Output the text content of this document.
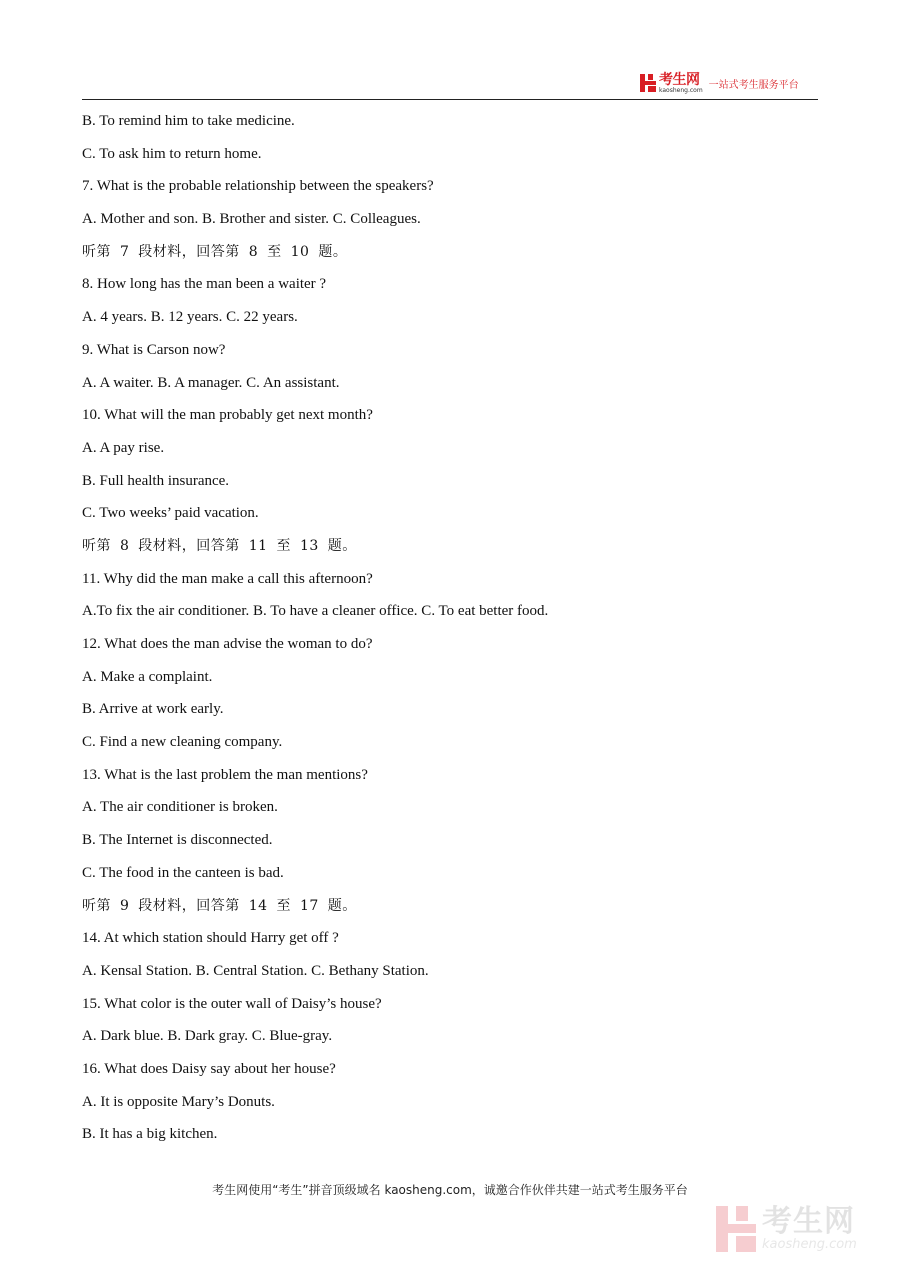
考生网
kaosheng.com 一站式考生服务平台
B. To remind him to take medicine.
C. To ask him to return home.
7. What is the probable relationship between the speakers?
A. Mother and son. B. Brother and sister. C. Colleagues.
听第 7 段材料，回答第 8 至 10 题。
8. How long has the man been a waiter ?
A. 4 years. B. 12 years. C. 22 years.
9. What is Carson now?
A. A waiter. B. A manager. C. An assistant.
10. What will the man probably get next month?
A. A pay rise.
B. Full health insurance.
C. Two weeks’ paid vacation.
听第 8 段材料，回答第 11 至 13 题。
11. Why did the man make a call this afternoon?
A.To fix the air conditioner. B. To have a cleaner office. C. To eat better food.
12. What does the man advise the woman to do?
A. Make a complaint.
B. Arrive at work early.
C. Find a new cleaning company.
13. What is the last problem the man mentions?
A. The air conditioner is broken.
B. The Internet is disconnected.
C. The food in the canteen is bad.
听第 9 段材料，回答第 14 至 17 题。
14. At which station should Harry get off ?
A. Kensal Station. B. Central Station. C. Bethany Station.
15. What color is the outer wall of Daisy’s house?
A. Dark blue. B. Dark gray. C. Blue-gray.
16. What does Daisy say about her house?
A. It is opposite Mary’s Donuts.
B. It has a big kitchen.
考生网使用“考生”拼音顶级域名 kaosheng.com，诚邀合作伙伴共建一站式考生服务平台
考生网
kaosheng.com
